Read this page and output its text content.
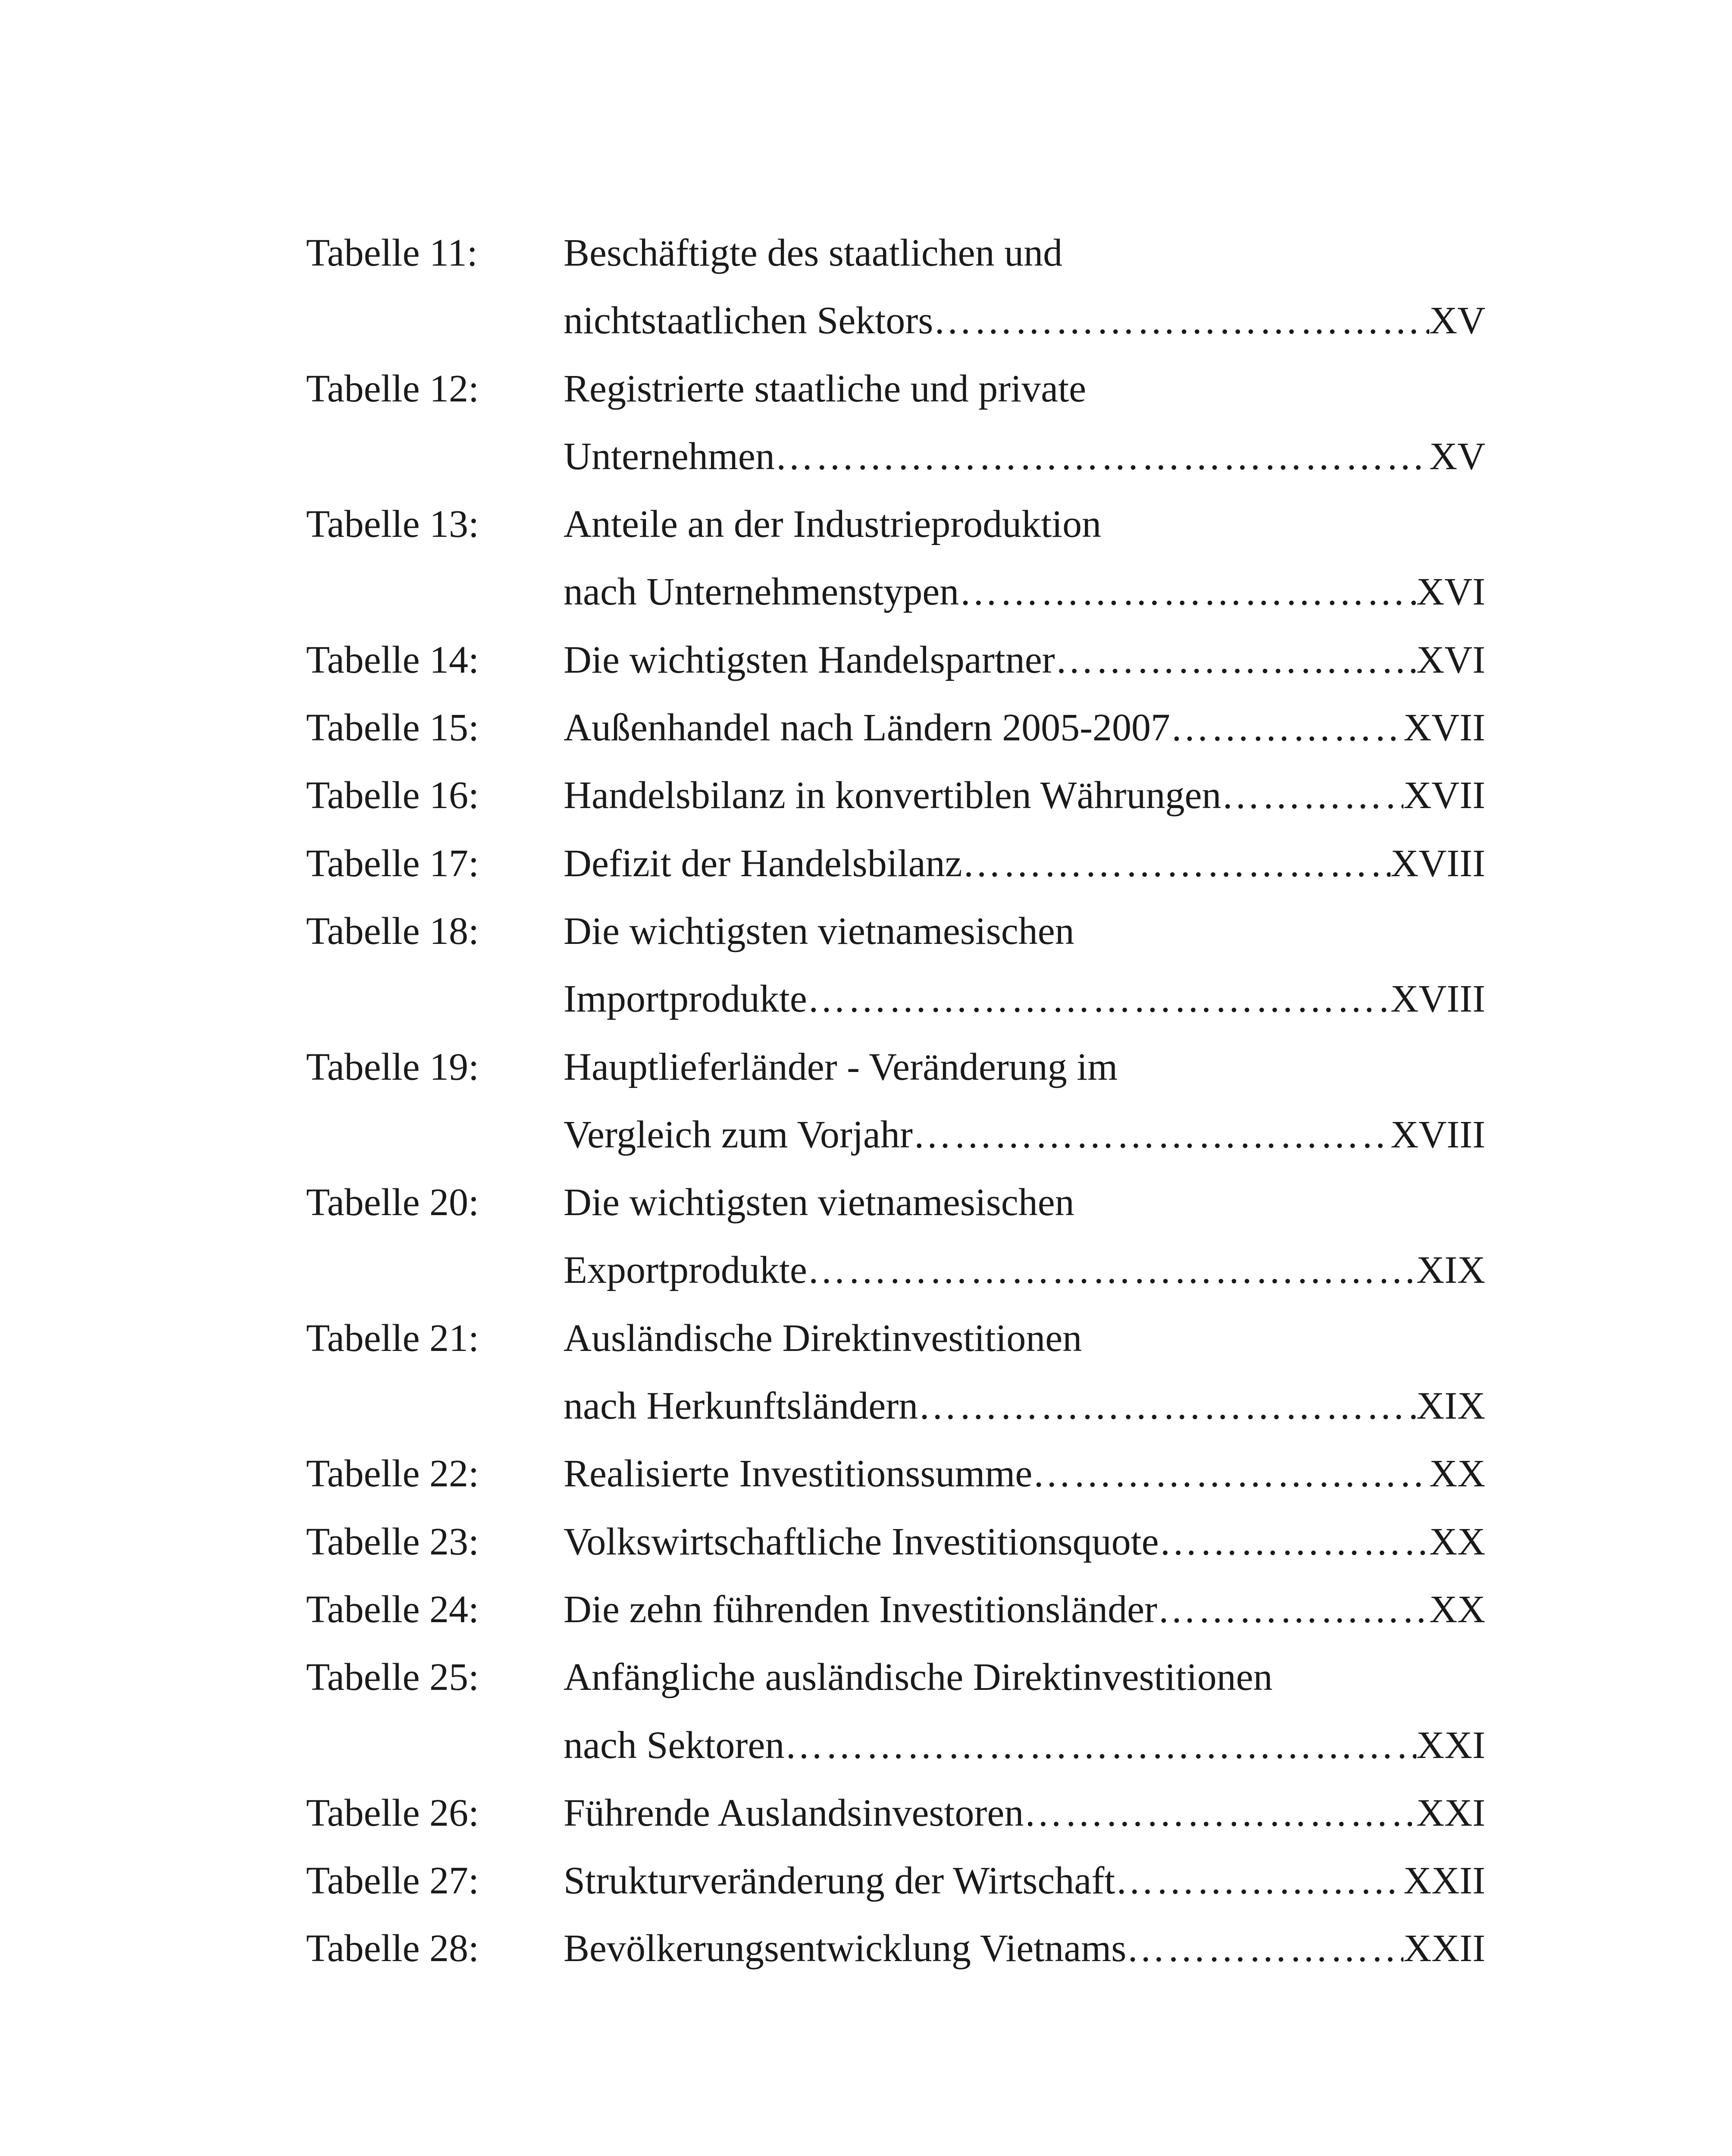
Tabelle 11: Beschäftigte des staatlichen und
nichtstaatlichen Sektors ………………………………………………………………………………………………………………………………………………	XV
Tabelle 12: Registrierte staatliche und private
Unternehmen ………………………………………………………………………………………………………………………………………………	XV
Tabelle 13: Anteile an der Industrieproduktion
nach Unternehmenstypen ………………………………………………………………………………………………………………………………………………	XVI
Tabelle 14: Die wichtigsten Handelspartner ………………………………………………………………………………………………………………………………………………	XVI
Tabelle 15: Außenhandel nach Ländern 2005-2007 ………………………………………………………………………………………………………………………………………………	XVII
Tabelle 16: Handelsbilanz in konvertiblen Währungen ………………………………………………………………………………………………………………………………………………	XVII
Tabelle 17: Defizit der Handelsbilanz ………………………………………………………………………………………………………………………………………………	XVIII
Tabelle 18: Die wichtigsten vietnamesischen
Importprodukte ………………………………………………………………………………………………………………………………………………	XVIII
Tabelle 19: Hauptlieferländer - Veränderung im
Vergleich zum Vorjahr ………………………………………………………………………………………………………………………………………………	XVIII
Tabelle 20: Die wichtigsten vietnamesischen
Exportprodukte ………………………………………………………………………………………………………………………………………………	XIX
Tabelle 21: Ausländische Direktinvestitionen
nach Herkunftsländern ………………………………………………………………………………………………………………………………………………	XIX
Tabelle 22: Realisierte Investitionssumme ………………………………………………………………………………………………………………………………………………	XX
Tabelle 23: Volkswirtschaftliche Investitionsquote ………………………………………………………………………………………………………………………………………………	XX
Tabelle 24: Die zehn führenden Investitionsländer ………………………………………………………………………………………………………………………………………………	XX
Tabelle 25: Anfängliche ausländische Direktinvestitionen
nach Sektoren ………………………………………………………………………………………………………………………………………………	XXI
Tabelle 26: Führende Auslandsinvestoren ………………………………………………………………………………………………………………………………………………	XXI
Tabelle 27: Strukturveränderung der Wirtschaft ………………………………………………………………………………………………………………………………………………	XXII
Tabelle 28: Bevölkerungsentwicklung Vietnams ………………………………………………………………………………………………………………………………………………	XXII
